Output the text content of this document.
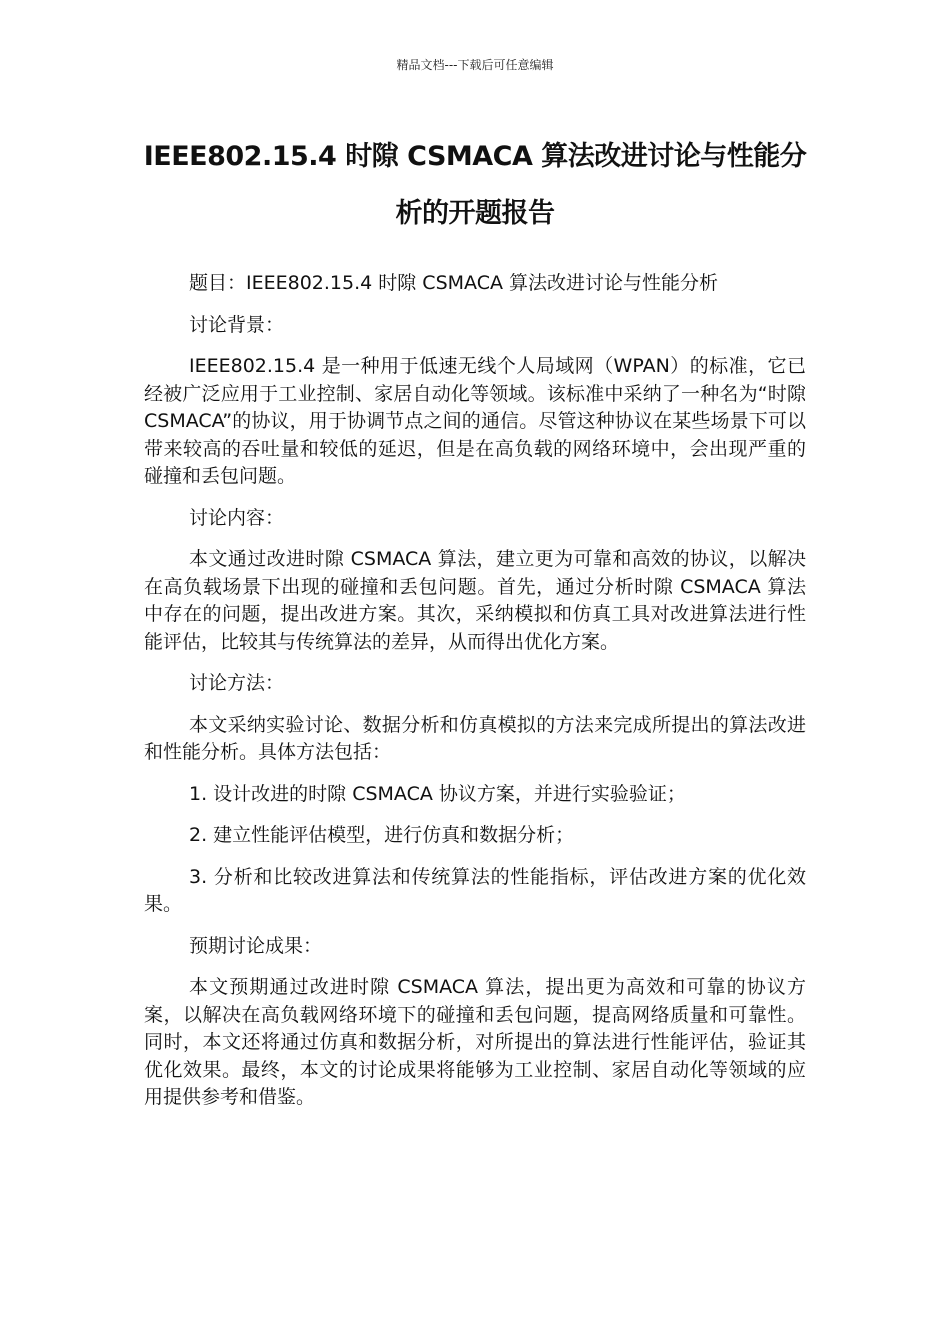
精品文档---下载后可任意编辑
IEEE802.15.4 时隙 CSMACA 算法改进讨论与性能分析的开题报告

题目：IEEE802.15.4 时隙 CSMACA 算法改进讨论与性能分析

讨论背景：

IEEE802.15.4 是一种用于低速无线个人局域网（WPAN）的标准，它已经被广泛应用于工业控制、家居自动化等领域。该标准中采纳了一种名为“时隙 CSMACA”的协议，用于协调节点之间的通信。尽管这种协议在某些场景下可以带来较高的吞吐量和较低的延迟，但是在高负载的网络环境中，会出现严重的碰撞和丢包问题。

讨论内容：

本文通过改进时隙 CSMACA 算法，建立更为可靠和高效的协议，以解决在高负载场景下出现的碰撞和丢包问题。首先，通过分析时隙 CSMACA 算法中存在的问题，提出改进方案。其次，采纳模拟和仿真工具对改进算法进行性能评估，比较其与传统算法的差异，从而得出优化方案。

讨论方法：

本文采纳实验讨论、数据分析和仿真模拟的方法来完成所提出的算法改进和性能分析。具体方法包括：

1. 设计改进的时隙 CSMACA 协议方案，并进行实验验证；

2. 建立性能评估模型，进行仿真和数据分析；

3. 分析和比较改进算法和传统算法的性能指标，评估改进方案的优化效果。

预期讨论成果：

本文预期通过改进时隙 CSMACA 算法，提出更为高效和可靠的协议方案，以解决在高负载网络环境下的碰撞和丢包问题，提高网络质量和可靠性。同时，本文还将通过仿真和数据分析，对所提出的算法进行性能评估，验证其优化效果。最终，本文的讨论成果将能够为工业控制、家居自动化等领域的应用提供参考和借鉴。
